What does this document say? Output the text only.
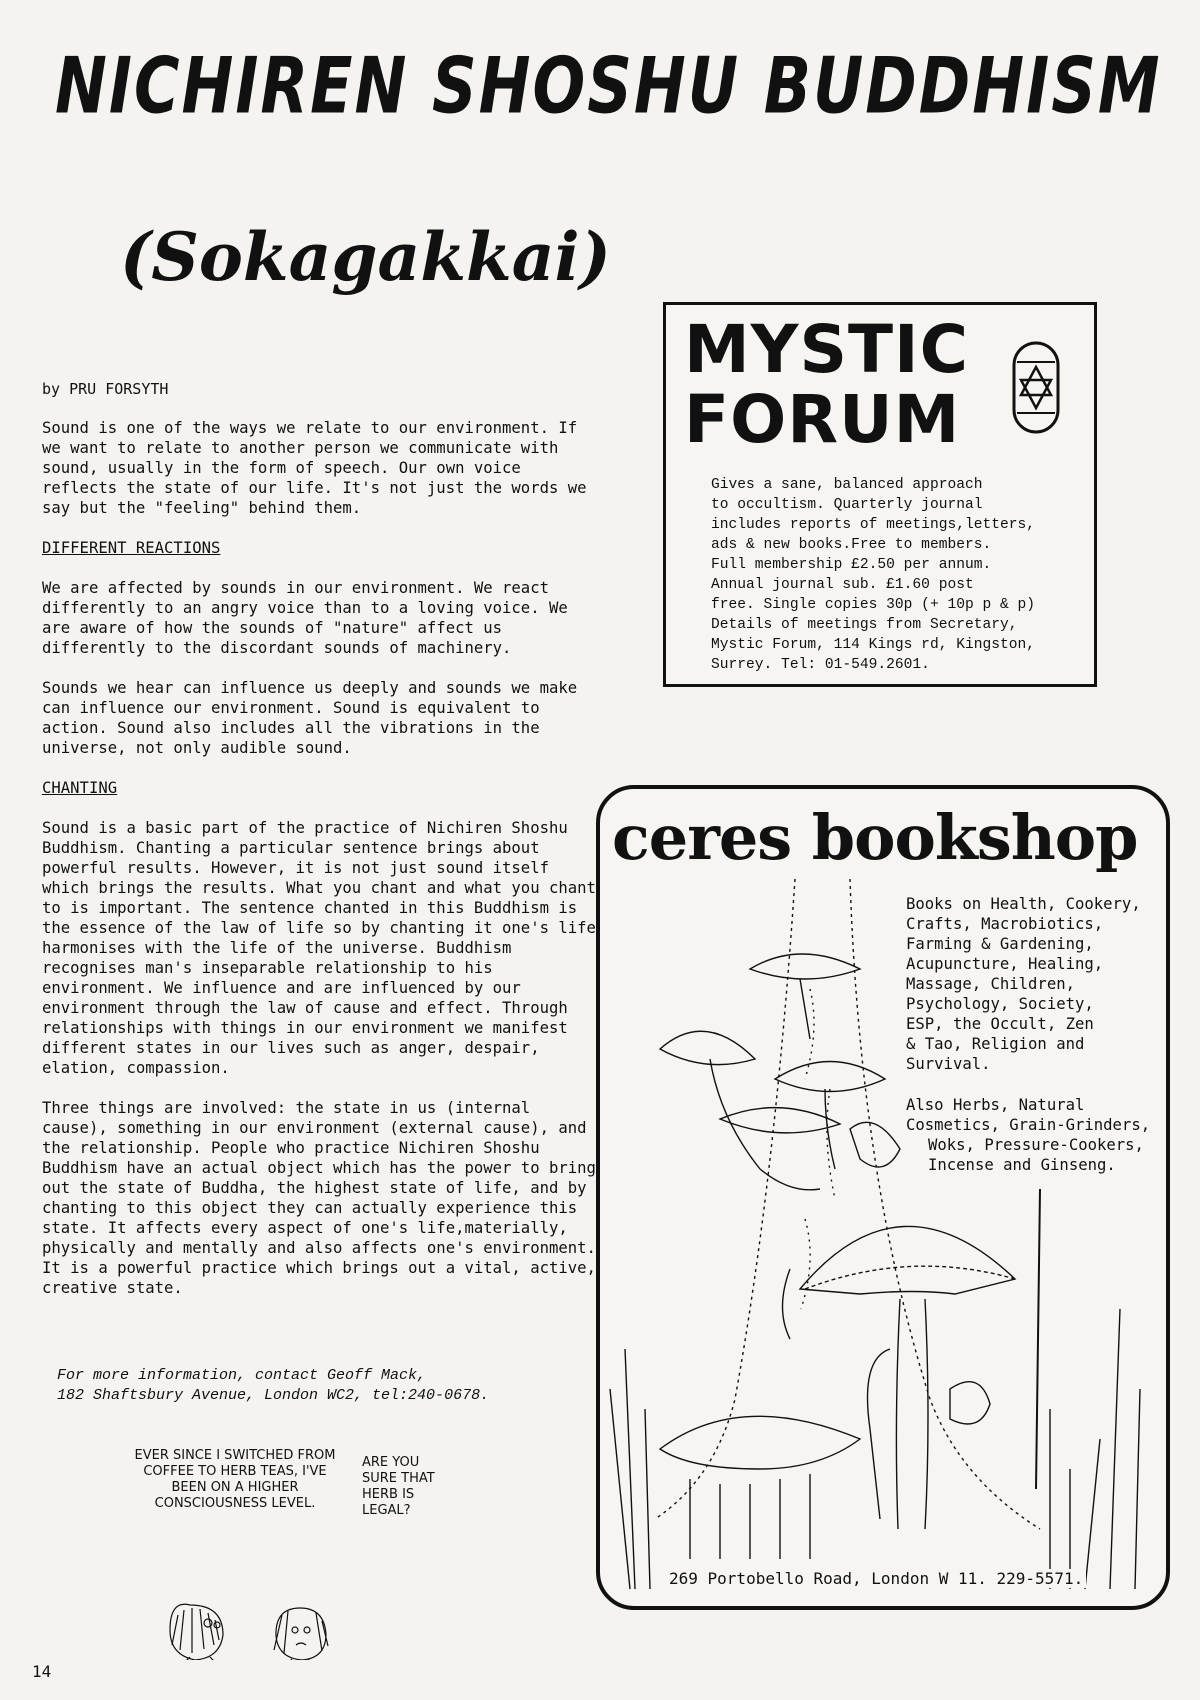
NICHIREN SHOSHU BUDDHISM
(Sokagakkai)
by PRU FORSYTH

Sound is one of the ways we relate to our environment. If we want to relate to another person we communicate with sound, usually in the form of speech. Our own voice reflects the state of our life. It's not just the words we say but the "feeling" behind them.

DIFFERENT REACTIONS

We are affected by sounds in our environment. We react differently to an angry voice than to a loving voice. We are aware of how the sounds of "nature" affect us differently to the discordant sounds of machinery.

Sounds we hear can influence us deeply and sounds we make can influence our environment. Sound is equivalent to action. Sound also includes all the vibrations in the universe, not only audible sound.

CHANTING

Sound is a basic part of the practice of Nichiren Shoshu Buddhism. Chanting a particular sentence brings about powerful results. However, it is not just sound itself which brings the results. What you chant and what you chant to is important. The sentence chanted in this Buddhism is the essence of the law of life so by chanting it one's life harmonises with the life of the universe. Buddhism recognises man's inseparable relationship to his environment. We influence and are influenced by our environment through the law of cause and effect. Through relationships with things in our environment we manifest different states in our lives such as anger, despair, elation, compassion.

Three things are involved: the state in us (internal cause), something in our environment (external cause), and the relationship. People who practice Nichiren Shoshu Buddhism have an actual object which has the power to bring out the state of Buddha, the highest state of life, and by chanting to this object they can actually experience this state. It affects every aspect of one's life,materially, physically and mentally and also affects one's environment. It is a powerful practice which brings out a vital, active, creative state.

For more information, contact Geoff Mack,
182 Shaftsbury Avenue, London WC2, tel:240-0678.
EVER SINCE I SWITCHED FROM COFFEE TO HERB TEAS, I'VE BEEN ON A HIGHER CONSCIOUSNESS LEVEL.
ARE YOU SURE THAT HERB IS LEGAL?
14
MYSTIC
FORUM
Gives a sane, balanced approach
to occultism. Quarterly journal
includes reports of meetings,letters,
ads & new books.Free to members.
Full membership £2.50 per annum.
Annual journal sub. £1.60 post
free. Single copies 30p (+ 10p p & p)
Details of meetings from Secretary,
Mystic Forum, 114 Kings rd, Kingston,
Surrey. Tel: 01-549.2601.
ceres bookshop
Books on Health, Cookery,
Crafts, Macrobiotics,
Farming & Gardening,
Acupuncture, Healing,
Massage, Children,
Psychology, Society,
ESP, the Occult, Zen
& Tao, Religion and
Survival.
Also Herbs, Natural
Cosmetics, Grain-Grinders,
Woks, Pressure-Cookers,
Incense and Ginseng.
269 Portobello Road, London W 11. 229-5571.
